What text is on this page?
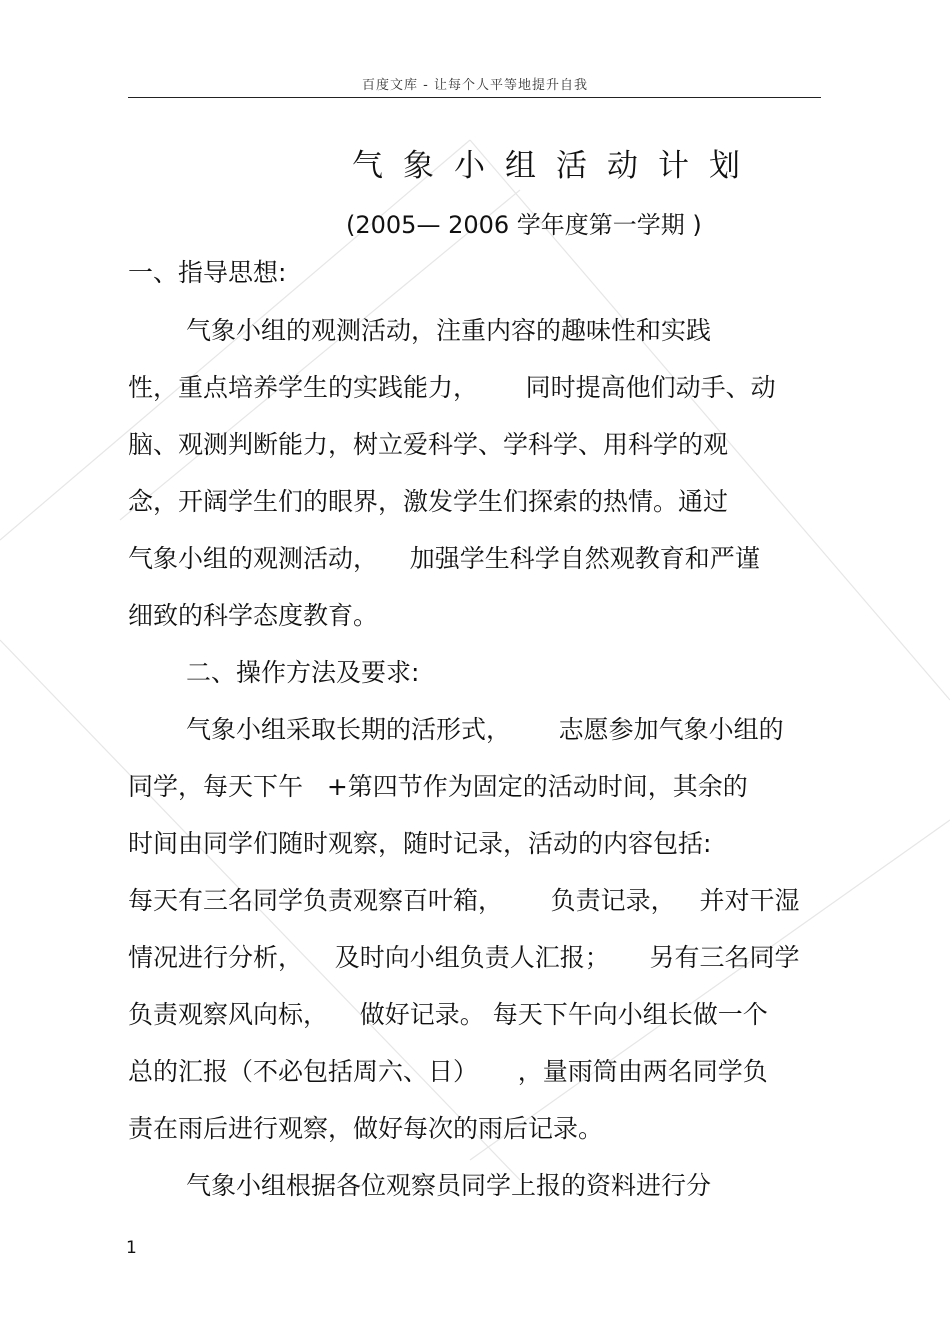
百度文库 - 让每个人平等地提升自我
气象小组活动计划
(2005— 2006 学年度第一学期 )
一、指导思想:
气象小组的观测活动，注重内容的趣味性和实践
性，重点培养学生的实践能力，      同时提高他们动手、动
脑、观测判断能力，树立爱科学、学科学、用科学的观
念，开阔学生们的眼界，激发学生们探索的热情。通过
气象小组的观测活动，    加强学生科学自然观教育和严谨
细致的科学态度教育。
二、操作方法及要求:
气象小组采取长期的活形式，      志愿参加气象小组的
同学，每天下午   +第四节作为固定的活动时间，其余的
时间由同学们随时观察，随时记录，活动的内容包括:
每天有三名同学负责观察百叶箱，      负责记录，   并对干湿
情况进行分析，    及时向小组负责人汇报；     另有三名同学
负责观察风向标，    做好记录。 每天下午向小组长做一个
总的汇报（不必包括周六、日）     ，量雨筒由两名同学负
责在雨后进行观察，做好每次的雨后记录。
气象小组根据各位观察员同学上报的资料进行分
1
